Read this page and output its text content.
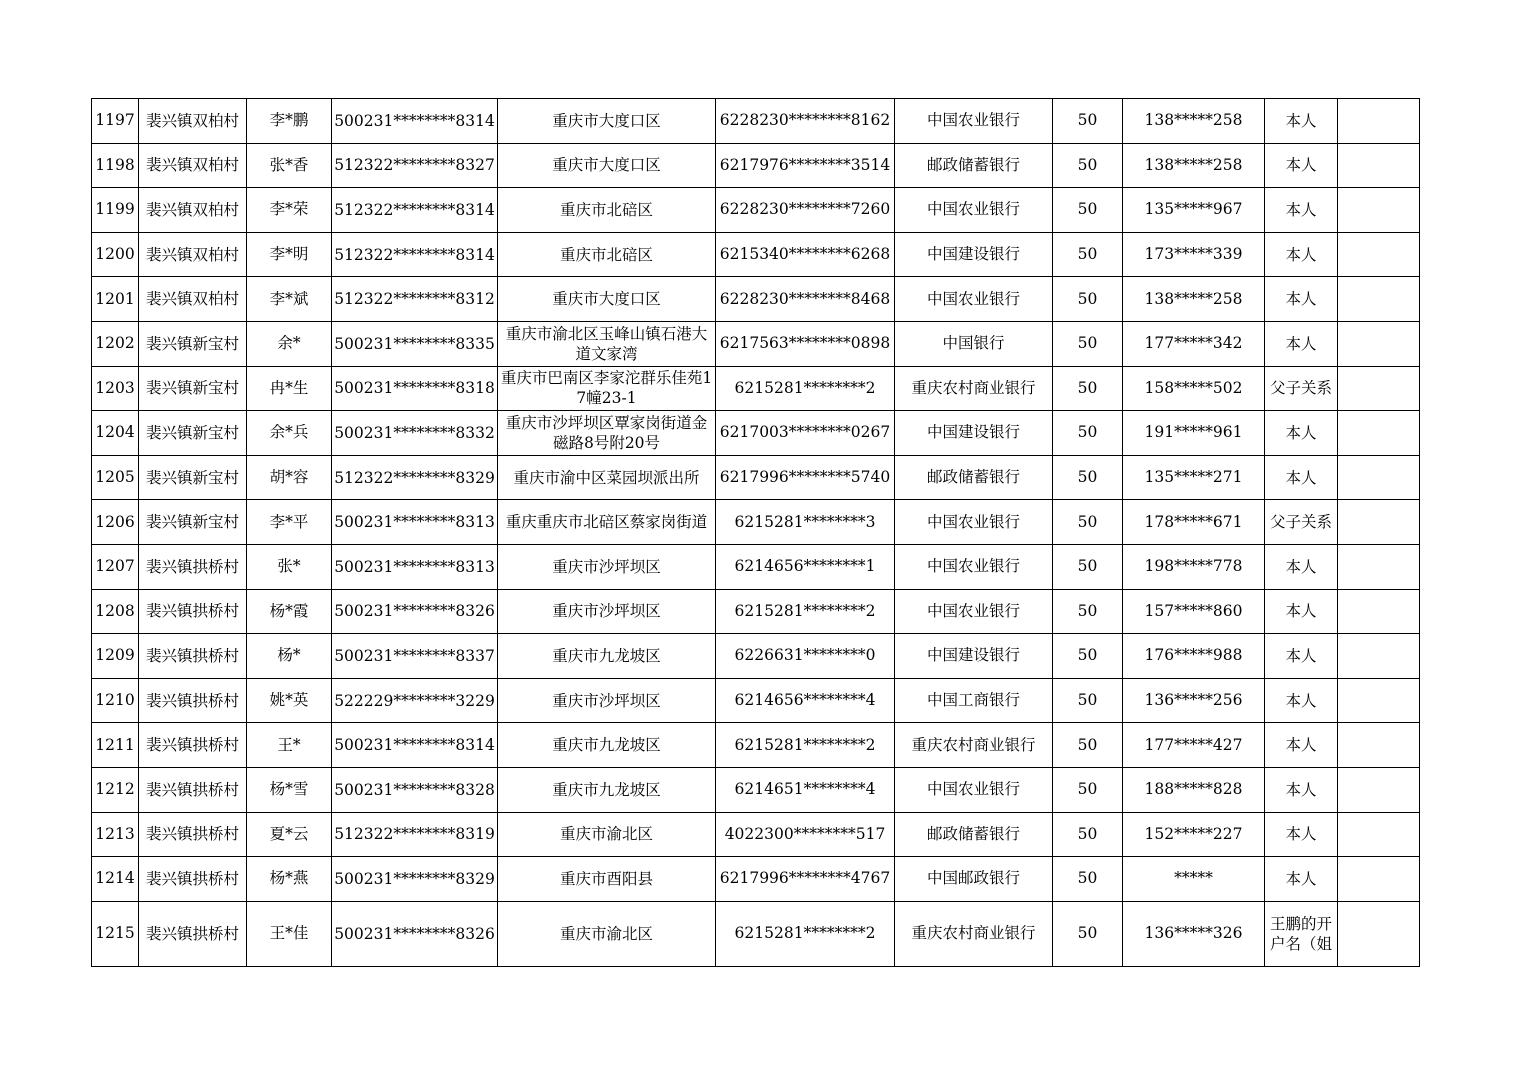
1197	裴兴镇双柏村	李*鹏	500231********8314	重庆市大度口区	6228230********8162	中国农业银行	50	138*****258	本人	
1198	裴兴镇双柏村	张*香	512322********8327	重庆市大度口区	6217976********3514	邮政储蓄银行	50	138*****258	本人	
1199	裴兴镇双柏村	李*荣	512322********8314	重庆市北碚区	6228230********7260	中国农业银行	50	135*****967	本人	
1200	裴兴镇双柏村	李*明	512322********8314	重庆市北碚区	6215340********6268	中国建设银行	50	173*****339	本人	
1201	裴兴镇双柏村	李*斌	512322********8312	重庆市大度口区	6228230********8468	中国农业银行	50	138*****258	本人	
1202	裴兴镇新宝村	余*	500231********8335	重庆市渝北区玉峰山镇石港大道文家湾	6217563********0898	中国银行	50	177*****342	本人	
1203	裴兴镇新宝村	冉*生	500231********8318	重庆市巴南区李家沱群乐佳苑17幢23-1	6215281********2	重庆农村商业银行	50	158*****502	父子关系	
1204	裴兴镇新宝村	余*兵	500231********8332	重庆市沙坪坝区覃家岗街道金磁路8号附20号	6217003********0267	中国建设银行	50	191*****961	本人	
1205	裴兴镇新宝村	胡*容	512322********8329	重庆市渝中区菜园坝派出所	6217996********5740	邮政储蓄银行	50	135*****271	本人	
1206	裴兴镇新宝村	李*平	500231********8313	重庆重庆市北碚区蔡家岗街道	6215281********3	中国农业银行	50	178*****671	父子关系	
1207	裴兴镇拱桥村	张*	500231********8313	重庆市沙坪坝区	6214656********1	中国农业银行	50	198*****778	本人	
1208	裴兴镇拱桥村	杨*霞	500231********8326	重庆市沙坪坝区	6215281********2	中国农业银行	50	157*****860	本人	
1209	裴兴镇拱桥村	杨*	500231********8337	重庆市九龙坡区	6226631********0	中国建设银行	50	176*****988	本人	
1210	裴兴镇拱桥村	姚*英	522229********3229	重庆市沙坪坝区	6214656********4	中国工商银行	50	136*****256	本人	
1211	裴兴镇拱桥村	王*	500231********8314	重庆市九龙坡区	6215281********2	重庆农村商业银行	50	177*****427	本人	
1212	裴兴镇拱桥村	杨*雪	500231********8328	重庆市九龙坡区	6214651********4	中国农业银行	50	188*****828	本人	
1213	裴兴镇拱桥村	夏*云	512322********8319	重庆市渝北区	4022300********517	邮政储蓄银行	50	152*****227	本人	
1214	裴兴镇拱桥村	杨*燕	500231********8329	重庆市酉阳县	6217996********4767	中国邮政银行	50	*****	本人	
1215	裴兴镇拱桥村	王*佳	500231********8326	重庆市渝北区	6215281********2	重庆农村商业银行	50	136*****326	王鹏的开户名（姐	
